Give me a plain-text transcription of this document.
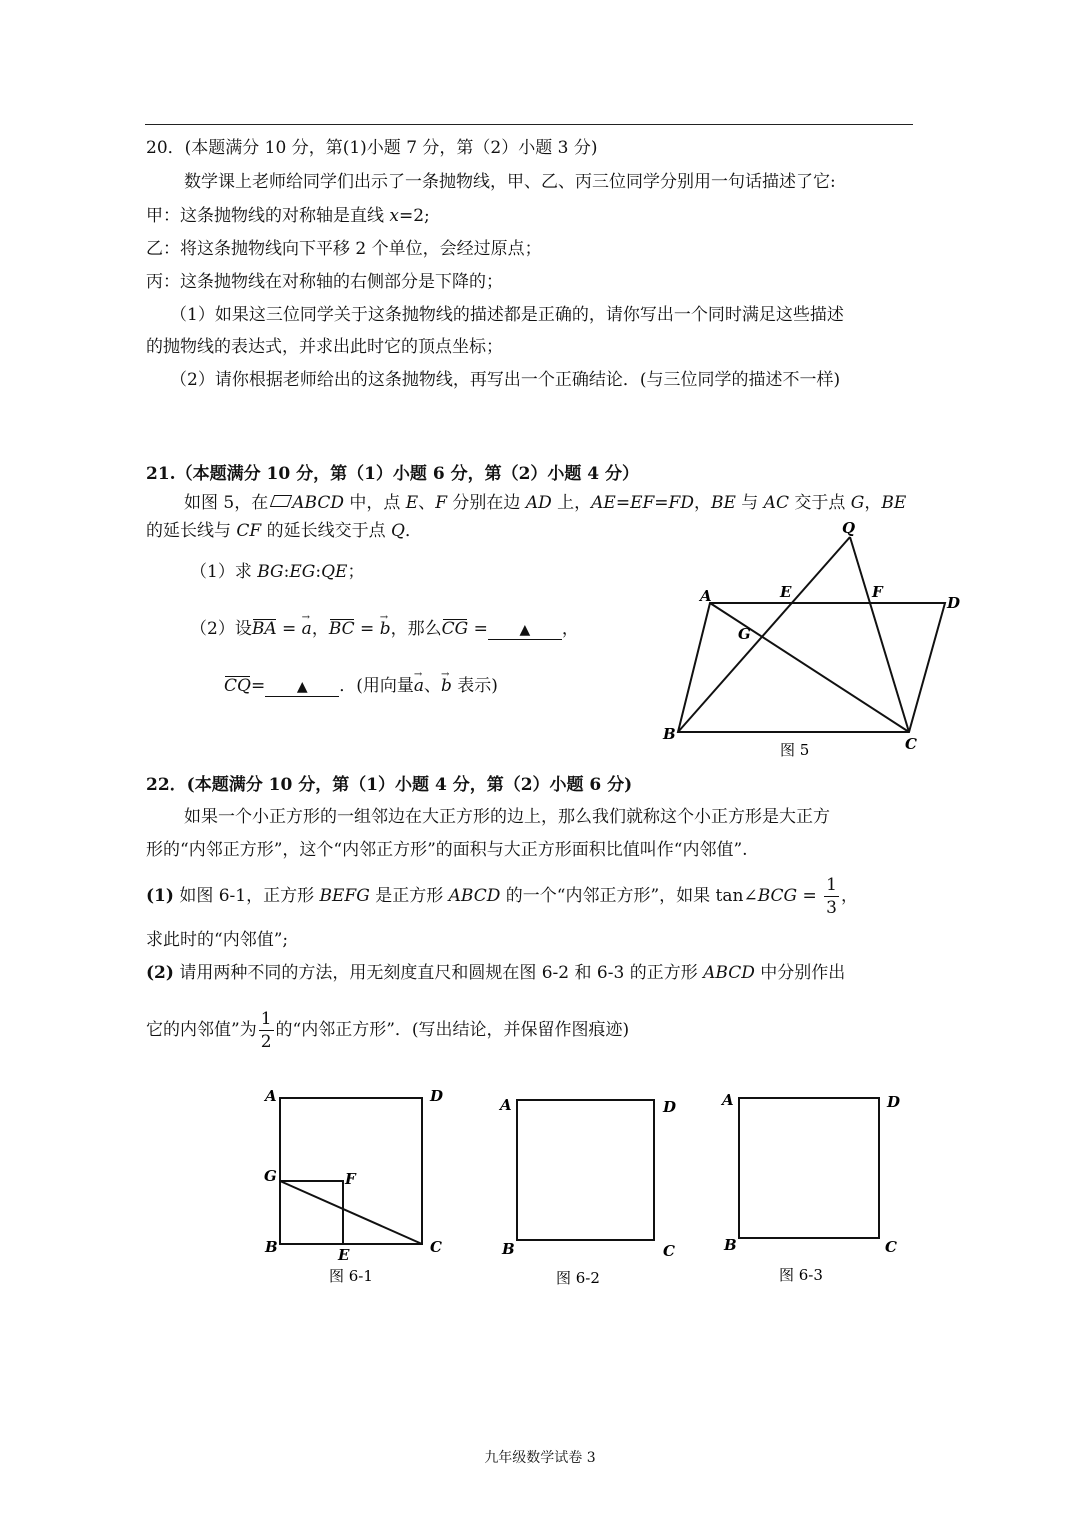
20．(本题满分 10 分，第(1)小题 7 分，第（2）小题 3 分)
数学课上老师给同学们出示了一条抛物线，甲、乙、丙三位同学分别用一句话描述了它:
甲：这条抛物线的对称轴是直线 x=2;
乙：将这条抛物线向下平移 2 个单位，会经过原点；
丙：这条抛物线在对称轴的右侧部分是下降的；
（1）如果这三位同学关于这条抛物线的描述都是正确的，请你写出一个同时满足这些描述
的抛物线的表达式，并求出此时它的顶点坐标；
（2）请你根据老师给出的这条抛物线，再写出一个正确结论．(与三位同学的描述不一样)
21.（本题满分 10 分，第（1）小题 6 分，第（2）小题 4 分）
如图 5，在 ABCD 中，点 E、F 分别在边 AD 上，AE=EF=FD，BE 与 AC 交于点 G，BE
的延长线与 CF 的延长线交于点 Q．
（1）求 BG:EG:QE；
（2）设BA = → a，BC = → b，那么CG = ▲ ，
CQ= ▲ ．(用向量→ a、→ b 表示)
Q
A	E	F
D
G
B
C
图 5
22．(本题满分 10 分，第（1）小题 4 分，第（2）小题 6 分)
如果一个小正方形的一组邻边在大正方形的边上，那么我们就称这个小正方形是大正方
形的“内邻正方形”，这个“内邻正方形”的面积与大正方形面积比值叫作“内邻值”.
(1) 如图 6-1，正方形 BEFG 是正方形 ABCD 的一个“内邻正方形”，如果 tan∠BCG = $\frac{1}{3}$ ，
求此时的“内邻值”;
(2) 请用两种不同的方法，用无刻度直尺和圆规在图 6-2 和 6-3 的正方形 ABCD 中分别作出
它的内邻值”为 $\frac{1}{2}$ 的“内邻正方形”．(写出结论，并保留作图痕迹)
A	D
G	F
B	E	C
图 6-1
A	D
B	C
图 6-2
A	D
B	C
图 6-3
九年级数学试卷 3
